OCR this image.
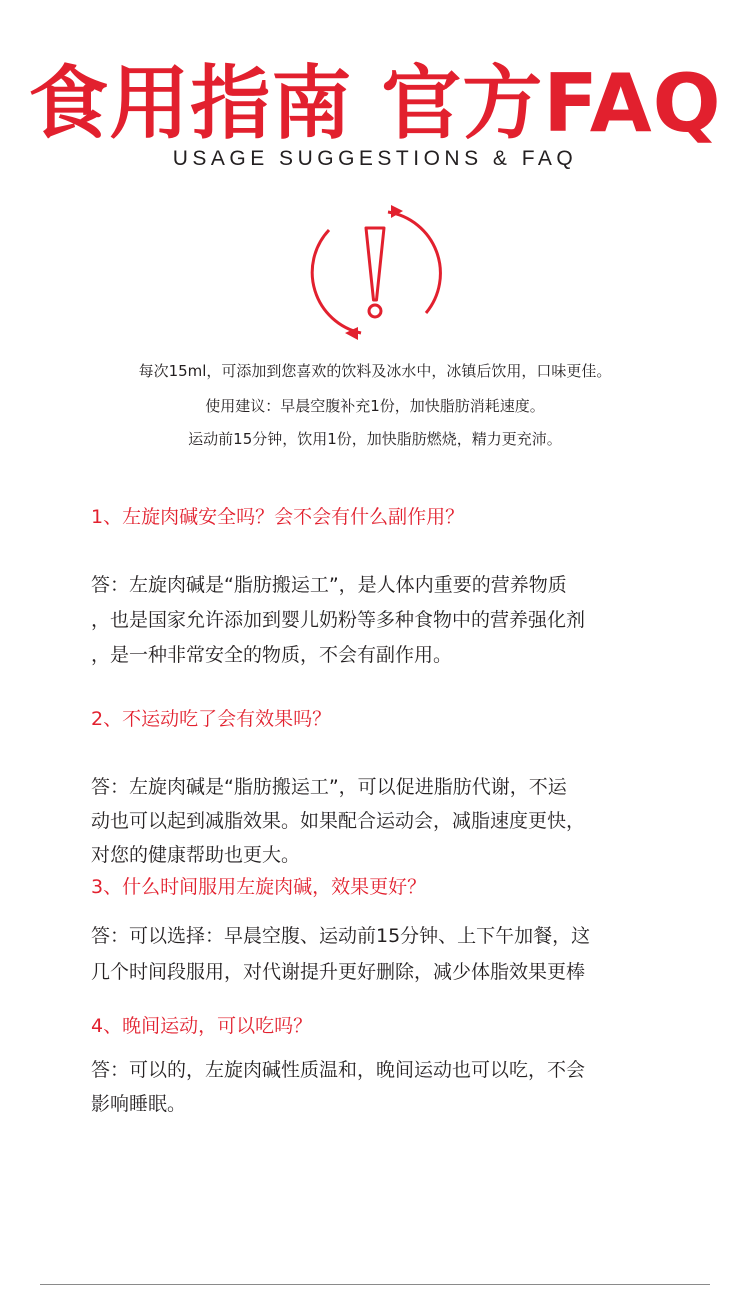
食用指南 官方FAQ
USAGE SUGGESTIONS & FAQ
每次15ml，可添加到您喜欢的饮料及冰水中，冰镇后饮用，口味更佳。
使用建议：早晨空腹补充1份，加快脂肪消耗速度。
运动前15分钟，饮用1份，加快脂肪燃烧，精力更充沛。
1、左旋肉碱安全吗？会不会有什么副作用？
答：左旋肉碱是“脂肪搬运工”，是人体内重要的营养物质
，也是国家允许添加到婴儿奶粉等多种食物中的营养强化剂
，是一种非常安全的物质，不会有副作用。
2、不运动吃了会有效果吗？
答：左旋肉碱是“脂肪搬运工”，可以促进脂肪代谢，不运
动也可以起到减脂效果。如果配合运动会，减脂速度更快，
对您的健康帮助也更大。
3、什么时间服用左旋肉碱，效果更好？
答：可以选择：早晨空腹、运动前15分钟、上下午加餐，这
几个时间段服用，对代谢提升更好删除，减少体脂效果更棒
4、晚间运动，可以吃吗？
答：可以的，左旋肉碱性质温和，晚间运动也可以吃，不会
影响睡眠。
